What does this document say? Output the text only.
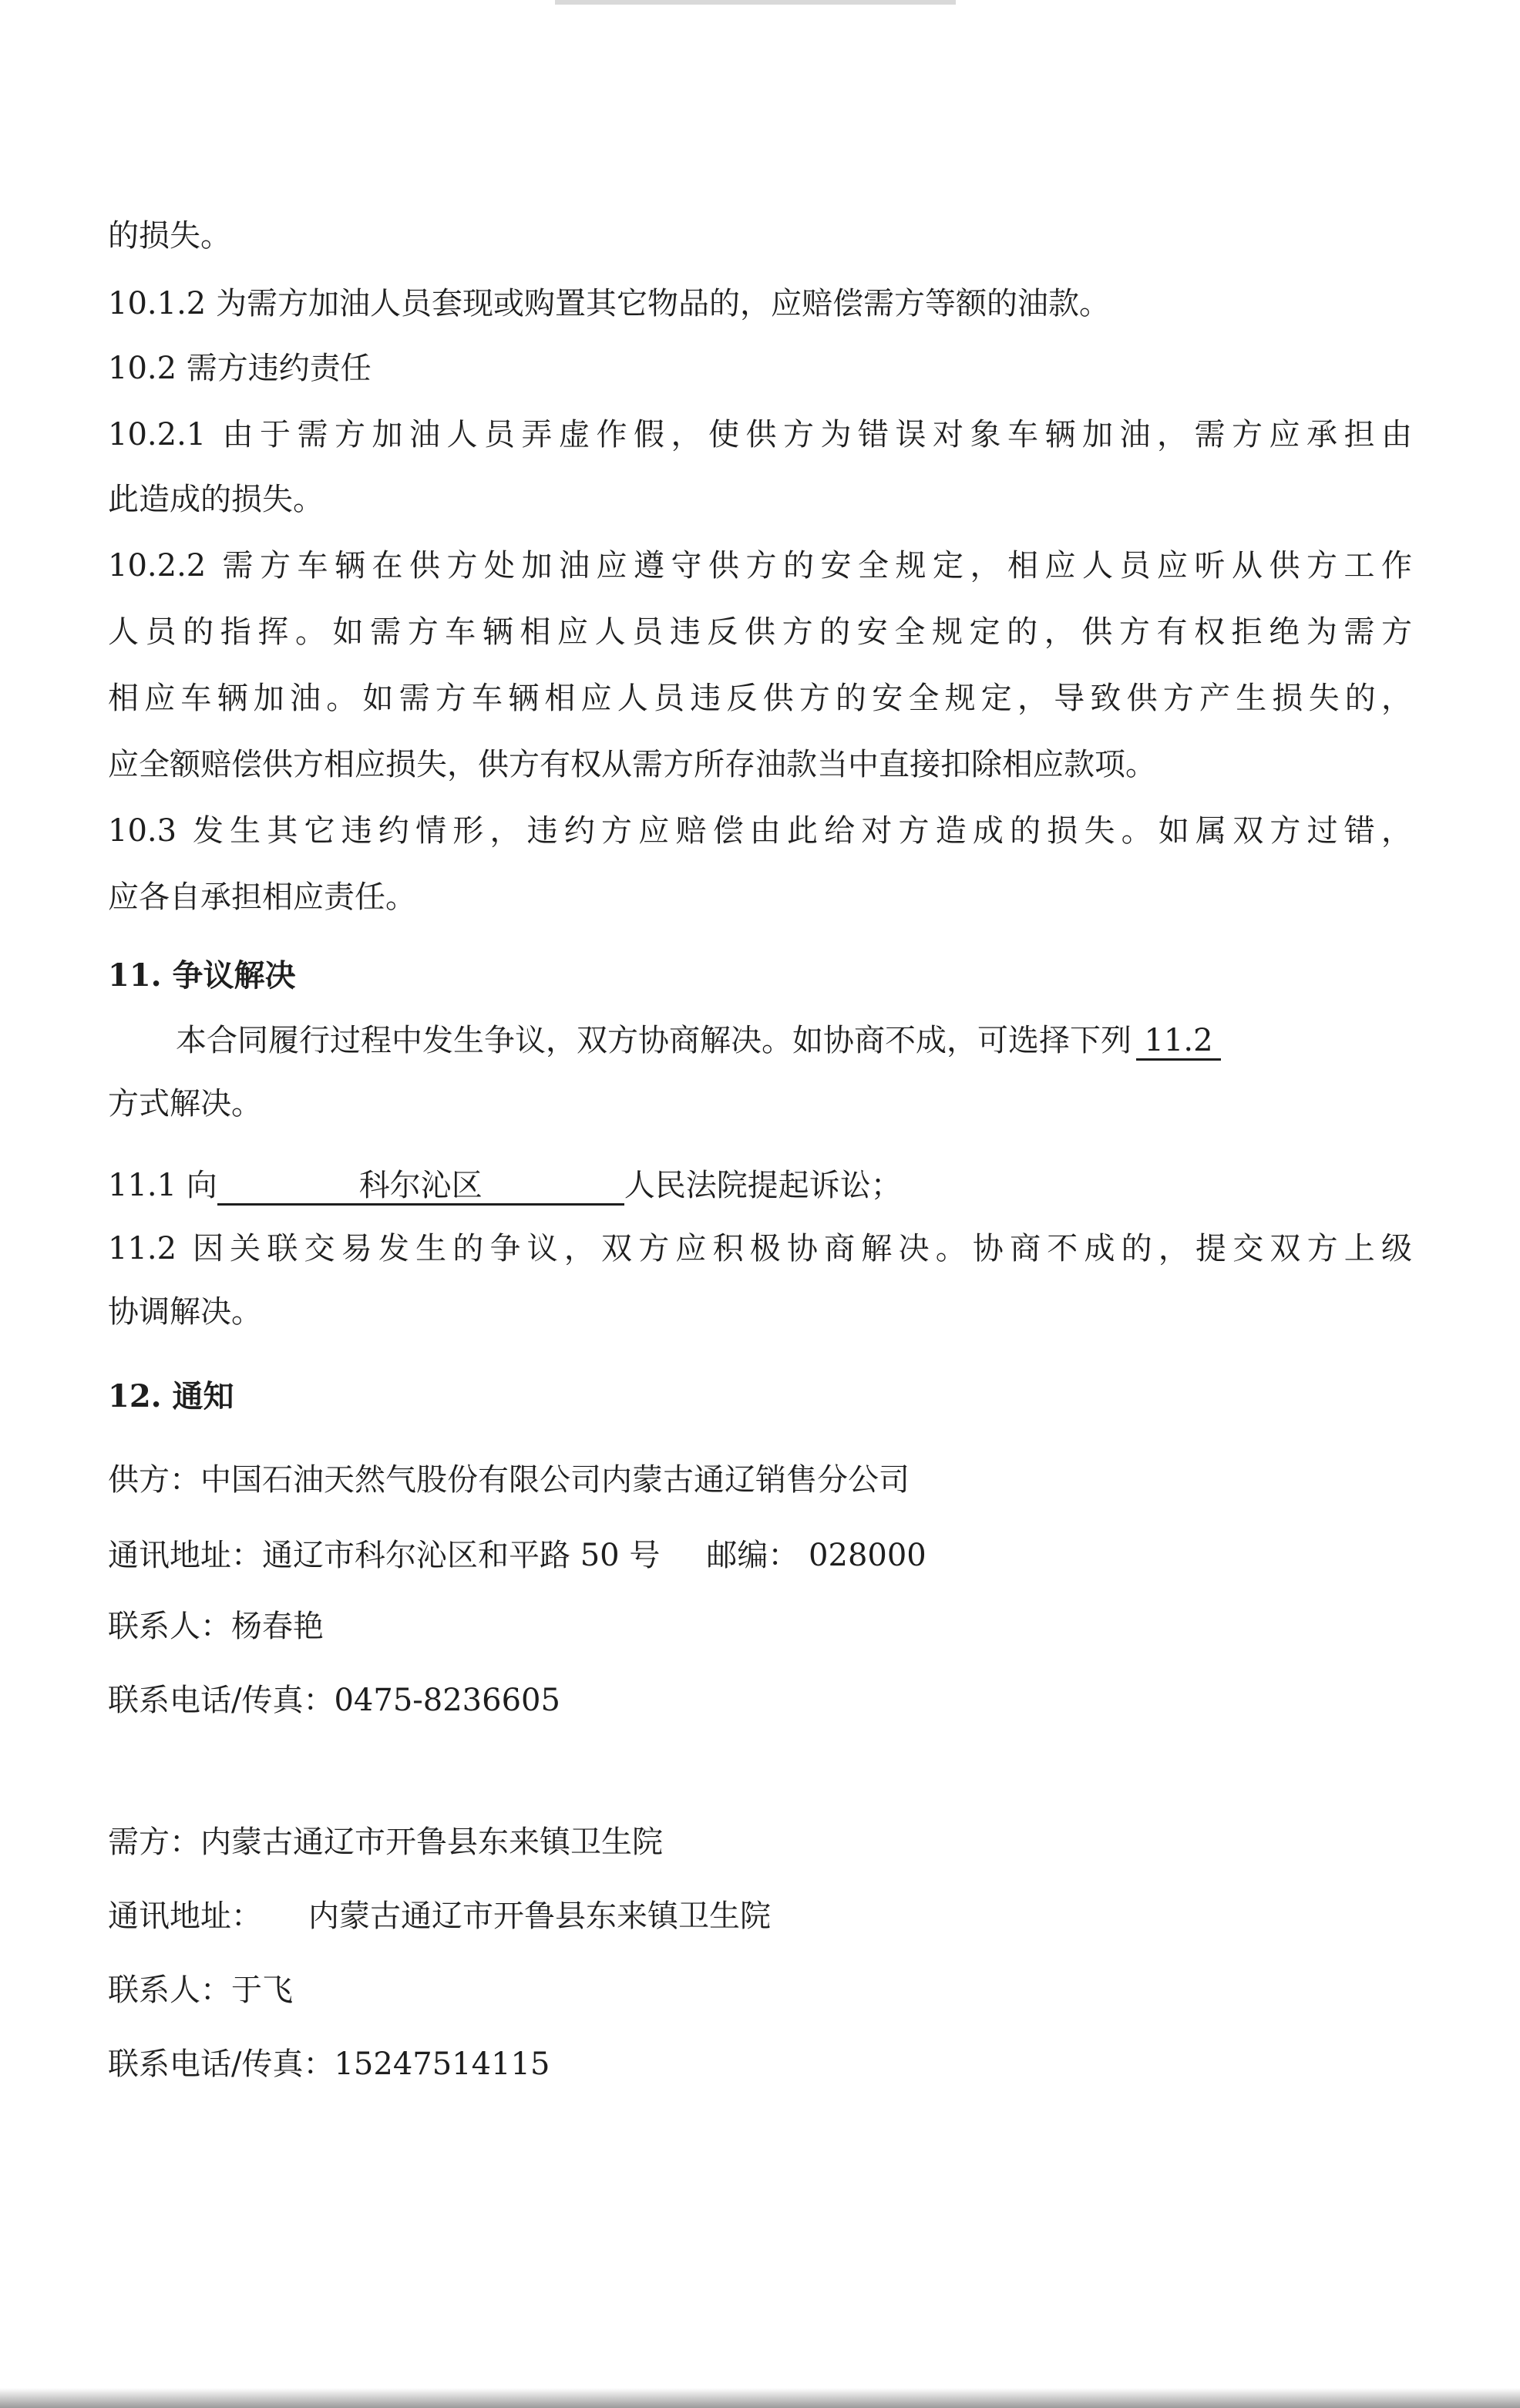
的损失。
10.1.2 为需方加油人员套现或购置其它物品的，应赔偿需方等额的油款。
10.2 需方违约责任
10.2.1 由于需方加油人员弄虚作假，使供方为错误对象车辆加油，需方应承担由
此造成的损失。
10.2.2 需方车辆在供方处加油应遵守供方的安全规定，相应人员应听从供方工作
人员的指挥。如需方车辆相应人员违反供方的安全规定的，供方有权拒绝为需方
相应车辆加油。如需方车辆相应人员违反供方的安全规定，导致供方产生损失的，
应全额赔偿供方相应损失，供方有权从需方所存油款当中直接扣除相应款项。
10.3 发生其它违约情形，违约方应赔偿由此给对方造成的损失。如属双方过错，
应各自承担相应责任。
11. 争议解决
本合同履行过程中发生争议，双方协商解决。如协商不成，可选择下列 11.2
方式解决。
11.1 向	科尔沁区	人民法院提起诉讼；
11.2 因关联交易发生的争议，双方应积极协商解决。协商不成的，提交双方上级
协调解决。
12. 通知
供方：中国石油天然气股份有限公司内蒙古通辽销售分公司
通讯地址：通辽市科尔沁区和平路 50 号 邮编： 028000
联系人：杨春艳
联系电话/传真：0475-8236605
需方：内蒙古通辽市开鲁县东来镇卫生院
通讯地址： 内蒙古通辽市开鲁县东来镇卫生院
联系人：于飞
联系电话/传真：15247514115
